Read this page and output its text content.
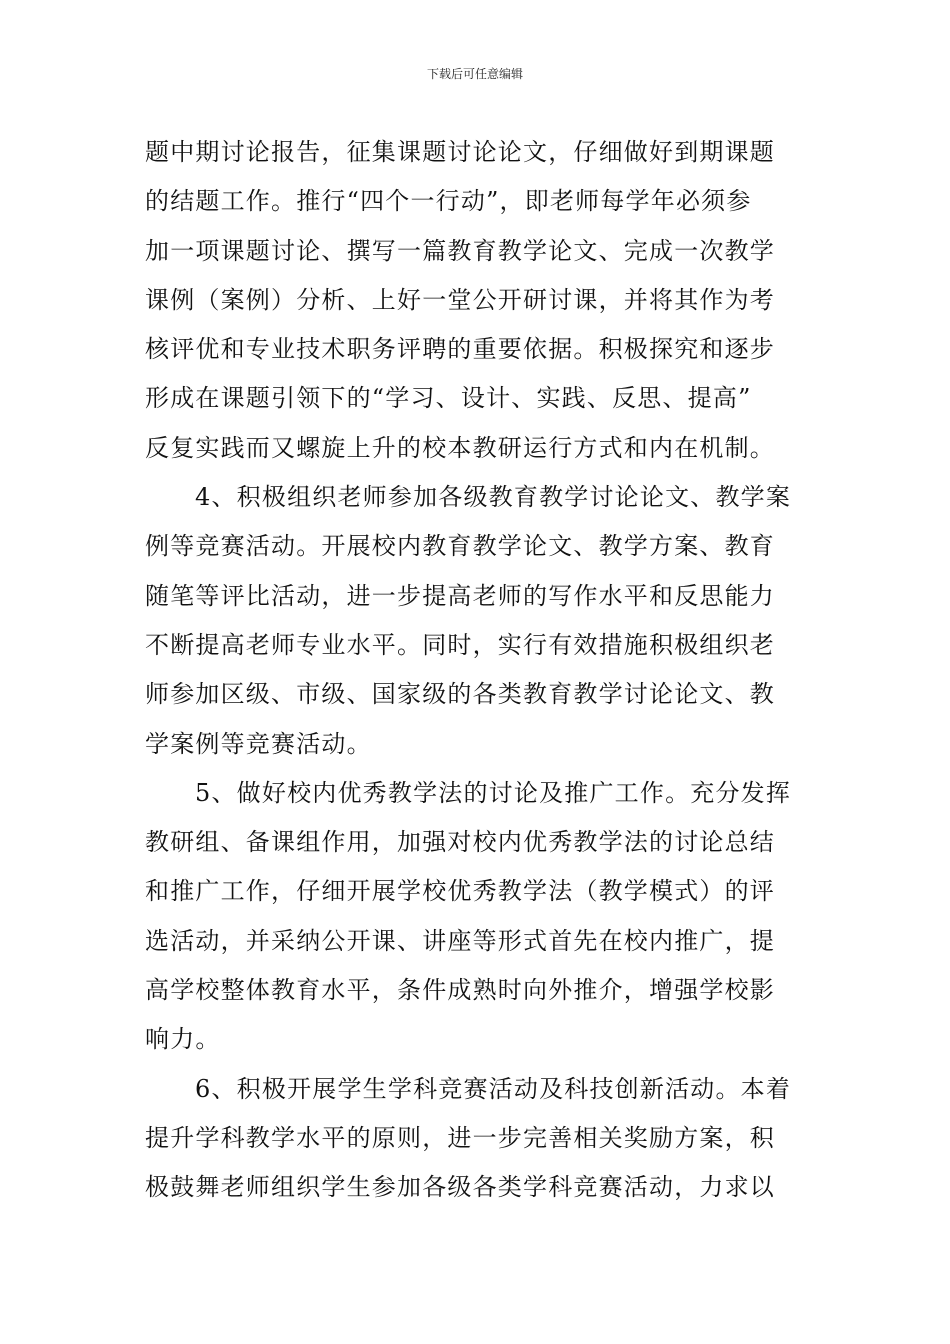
下载后可任意编辑
题中期讨论报告，征集课题讨论论文，仔细做好到期课题
的结题工作。推行“四个一行动”，即老师每学年必须参
加一项课题讨论、撰写一篇教育教学论文、完成一次教学
课例（案例）分析、上好一堂公开研讨课，并将其作为考
核评优和专业技术职务评聘的重要依据。积极探究和逐步
形成在课题引领下的“学习、设计、实践、反思、提高”
反复实践而又螺旋上升的校本教研运行方式和内在机制。
4、积极组织老师参加各级教育教学讨论论文、教学案
例等竞赛活动。开展校内教育教学论文、教学方案、教育
随笔等评比活动，进一步提高老师的写作水平和反思能力
不断提高老师专业水平。同时，实行有效措施积极组织老
师参加区级、市级、国家级的各类教育教学讨论论文、教
学案例等竞赛活动。
5、做好校内优秀教学法的讨论及推广工作。充分发挥
教研组、备课组作用，加强对校内优秀教学法的讨论总结
和推广工作，仔细开展学校优秀教学法（教学模式）的评
选活动，并采纳公开课、讲座等形式首先在校内推广，提
高学校整体教育水平，条件成熟时向外推介，增强学校影
响力。
6、积极开展学生学科竞赛活动及科技创新活动。本着
提升学科教学水平的原则，进一步完善相关奖励方案，积
极鼓舞老师组织学生参加各级各类学科竞赛活动，力求以
